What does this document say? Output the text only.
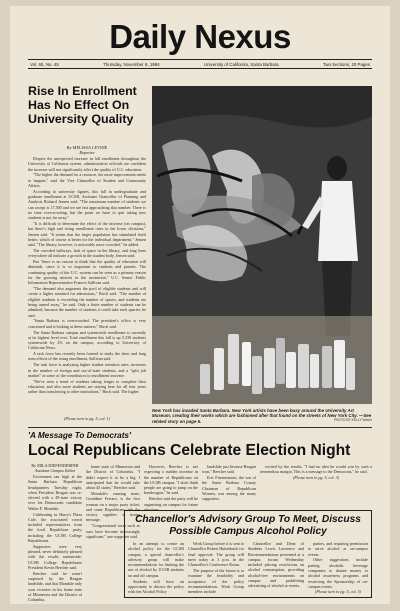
Daily Nexus
Vol. 65, No. 45	Thursday, November 6, 1984	University of California, Santa Barbara	Two Sections, 20 Pages
Rise In Enrollment Has No Effect On University Quality
By MELISSA LEVINE
Reporter

Despite the unexpected increase in fall enrollment throughout the University of California system, administration officials are confident the increase will not significantly affect the quality of U.C. education.

"The higher the demand for a resource, the more improvement needs to happen," said the Vice Chancellor of Student and Community Affairs.

According to university figures, this fall in undergraduate and graduate enrollment at UCSB, Assistant Chancellor of Planning and Analysis Richard Jensen said. "The maximum number of students we can accept is 17,500 and we are fast approaching that number. There is no time overcrowding, but the point we have to quit taking new students is not far away."

"It is difficult to determine the effect of the increase (on campus), but there's high and rising enrollment rates in the lower divisions," Jensen said. "It seems that the larger population has stimulated itself better, which of course is better for the individual department," Jensen said. "The library, however, is noticeably more crowded," he added.

The crowded hallways, lack of space in the library, and long lines everywhere all indicate a growth in the student body, Jensen said.

But "there is no reason to think that the quality of education will diminish, since it is so important to students and parents. The continuing quality of the U.C. system can be seen as a primary reason for the growing interest in the institution," U.C. Senior Public Information Representative Frances Sullivan said.

"The demand also augments the pool of eligible students and will create a higher standard for admissions," Birch said. "The number of eligible students is exceeding the number of spaces, and students are being turned away," he said. Only a finite number of students can be admitted, because the number of students it could take each quarter, he said.

"Santa Barbara is overcrowded. The president's office is very concerned and is looking at these matters," Birch said.

The Santa Barbara campus and systemwide enrollment is currently at its highest level ever. Total enrollment this fall is up 5,339 students systemwide by 2% on the campus, according to University of California News.

A task force has recently been formed to study the short and long term effects of the rising enrollment, Sullivan said.

The task force is analyzing higher student retention rates, increases in the number of foreign and out-of-state students, and a "split job market" as some of the contributors to enrollment increase.

"We've seen a trend of students taking longer to complete their education, and also more students are staying here for all four years rather than transferring to other institutions," Birch said. The higher

(Please turn to pg. 5, col. 1)
New York has invaded Santa Barbara. New York artists have been busy around the University Art Museum, creating their works which are fashioned after that found on the streets of New York City. —See related story on page 5.	PHOTO BY KELLY Wever
'A Message To Democrats'
Local Republicans Celebrate Election Night
By MILA DIEFENDERFER
Assistant Campus Editor

Excitement ran high at the Santa Barbara Republican headquarters Tuesday night, when President Reagan was re-elected with a 49-state victory over his Democratic candidate Walter F. Mondale.

Celebrating in Harry's Plaza Cafe, the associated crowd included representatives from the local Republican party, including the UCSB College Republicans.

Supporters were very pleased, never definitely pleased with the results nationwide. UCSB College Republicans President Kevin Beecher said.

Beecher said he wasn't surprised by the Reagan landslide, and that Mondale only won victories in his home state of Minnesota and the District of Columbia.

home state of Minnesota and the District of Columbia. "I didn't expect it to be a big. I anticipated that he would take about 45 states," Beecher said.

Mondale's running mate, Geraldine Ferraro, is the first woman on a major party ticket, and some Republicans felt the victory signifies a strong message.

"Congressional races such as ours have become increasingly significant," one supporter said.

However, Beecher is not expecting a sudden increase in the number of Republicans on the UCSB campus. "I don't think people are going to jump on the bandwagon," he said.

Beecher said the party will be organizing on campus for future elections.

landslide just because Reagan won," Beecher said.

Eric Fitzsimmons, the son of the Santa Barbara County Chairman of Republican Women, was among the many supporters.

excited by the results. "I had no idea he would win by such a tremendous margin. This is a message to the Democrats," he said.

(Please turn to pg. 5, col. 3)
Chancellor's Advisory Group To Meet, Discuss Possible Campus Alcohol Policy

In an attempt to create an alcohol policy for the UCSB campus, a special chancellor's advisory group will make recommendations for limiting the use of alcohol by UCSB students on and off campus.

Students will have an opportunity to discuss the policy with the Alcohol Policy

Work Group before it is sent to Chancellor Robert Huttenback for final approval. The group will meet today at 3 p.m. in the Chancellor's Conference Room.

The purpose of the forum is to examine the feasibility and acceptance of the policy recommendations. Work Group members include

Chancellor and Dean of Students Lewis Lawrence and Recommendations presented at a campus forum Wednesday included placing restrictions on alcohol consumption, providing alcohol-free environments on campus and prohibiting advertising of alcohol at events.

parties, and requiring permission to serve alcohol at on-campus events.

Other suggestions include putting alcoholic beverage companies to donate money to alcohol awareness programs and restricting the Sponsorship of on-campus events.

(Please turn to pg. 5, col. 5)
